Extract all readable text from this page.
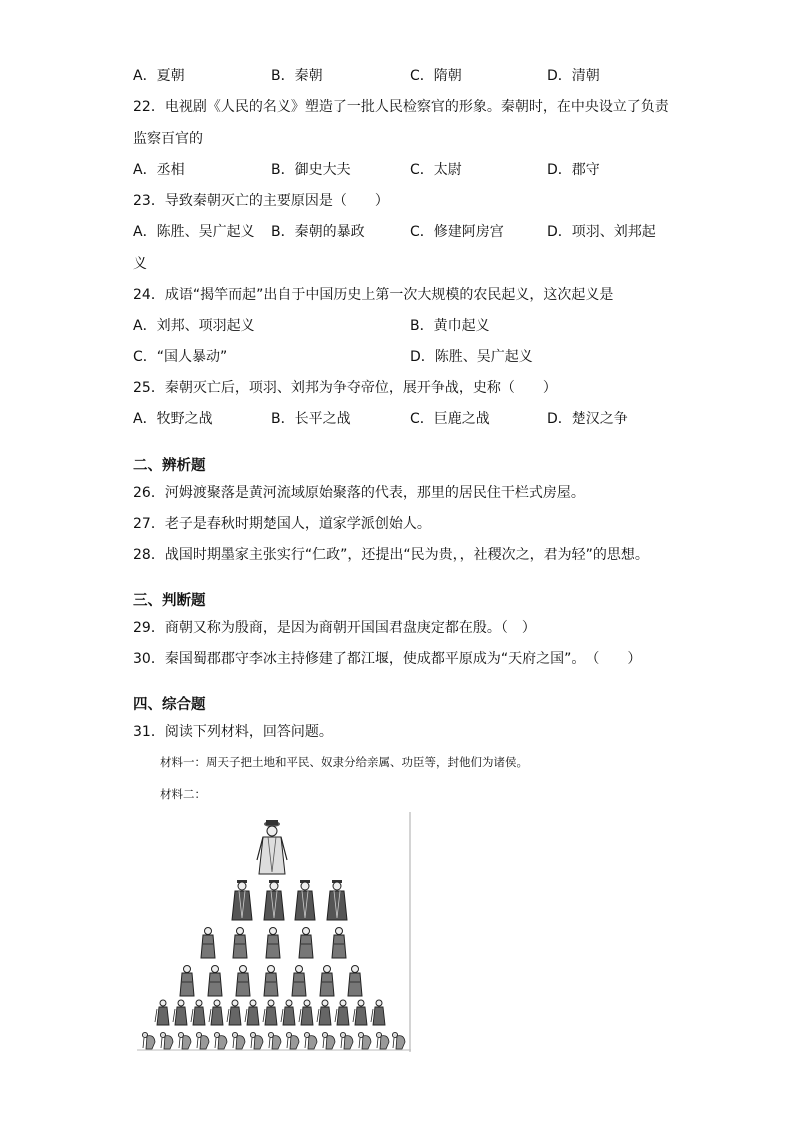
A．夏朝	B．秦朝	C．隋朝	D．清朝
22．电视剧《人民的名义》塑造了一批人民检察官的形象。秦朝时，在中央设立了负责
监察百官的
A．丞相	B．御史大夫	C．太尉	D．郡守
23．导致秦朝灭亡的主要原因是（　　）
A．陈胜、吴广起义 B．秦朝的暴政	C．修建阿房宫	D．项羽、刘邦起
义
24．成语“揭竿而起”出自于中国历史上第一次大规模的农民起义，这次起义是
A．刘邦、项羽起义	B．黄巾起义
C．“国人暴动”	D．陈胜、吴广起义
25．秦朝灭亡后，项羽、刘邦为争夺帝位，展开争战，史称（　　）
A．牧野之战	B．长平之战	C．巨鹿之战	D．楚汉之争
二、辨析题
26．河姆渡聚落是黄河流域原始聚落的代表，那里的居民住干栏式房屋。
27．老子是春秋时期楚国人，道家学派创始人。
28．战国时期墨家主张实行“仁政”，还提出“民为贵，，社稷次之，君为轻”的思想。
三、判断题
29．商朝又称为殷商，是因为商朝开国国君盘庚定都在殷。（　）
30．秦国蜀郡郡守李冰主持修建了都江堰，使成都平原成为“天府之国”。　（　　）
四、综合题
31．阅读下列材料，回答问题。
材料一：周天子把土地和平民、奴隶分给亲属、功臣等，封他们为诸侯。
材料二：
